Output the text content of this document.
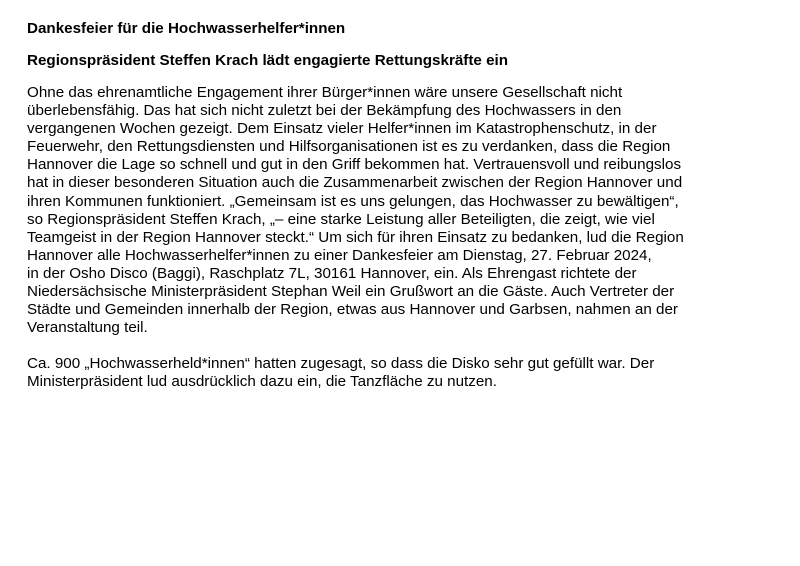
Dankesfeier für die Hochwasserhelfer*innen
Regionspräsident Steffen Krach lädt engagierte Rettungskräfte ein

Ohne das ehrenamtliche Engagement ihrer Bürger*innen wäre unsere Gesellschaft nicht
überlebensfähig. Das hat sich nicht zuletzt bei der Bekämpfung des Hochwassers in den
vergangenen Wochen gezeigt. Dem Einsatz vieler Helfer*innen im Katastrophenschutz, in der
Feuerwehr, den Rettungsdiensten und Hilfsorganisationen ist es zu verdanken, dass die Region
Hannover die Lage so schnell und gut in den Griff bekommen hat. Vertrauensvoll und reibungslos
hat in dieser besonderen Situation auch die Zusammenarbeit zwischen der Region Hannover und
ihren Kommunen funktioniert. „Gemeinsam ist es uns gelungen, das Hochwasser zu bewältigen“,
so Regionspräsident Steffen Krach, „– eine starke Leistung aller Beteiligten, die zeigt, wie viel
Teamgeist in der Region Hannover steckt.“ Um sich für ihren Einsatz zu bedanken, lud die Region
Hannover alle Hochwasserhelfer*innen zu einer Dankesfeier am Dienstag, 27. Februar 2024,
in der Osho Disco (Baggi), Raschplatz 7L, 30161 Hannover, ein. Als Ehrengast richtete der
Niedersächsische Ministerpräsident Stephan Weil ein Grußwort an die Gäste. Auch Vertreter der
Städte und Gemeinden innerhalb der Region, etwas aus Hannover und Garbsen, nahmen an der
Veranstaltung teil.

Ca. 900 „Hochwasserheld*innen“ hatten zugesagt, so dass die Disko sehr gut gefüllt war. Der
Ministerpräsident lud ausdrücklich dazu ein, die Tanzfläche zu nutzen.
